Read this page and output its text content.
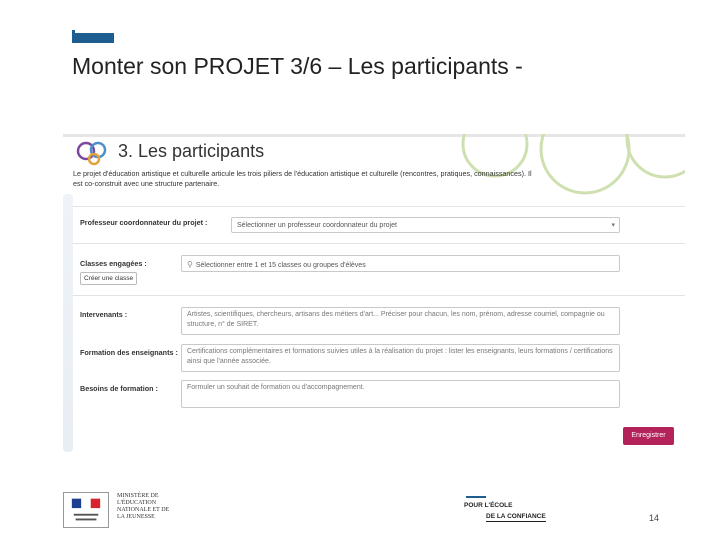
Monter son PROJET 3/6 – Les participants -
3. Les participants
Le projet d'éducation artistique et culturelle articule les trois piliers de l'éducation artistique et culturelle (rencontres, pratiques, connaissances). Il est co-construit avec une structure partenaire.
Professeur coordonnateur du projet :	Sélectionner un professeur coordonnateur du projet	▾
Classes engagées :	⚲ Sélectionner entre 1 et 15 classes ou groupes d'élèves
Créer une classe
Intervenants :	Artistes, scientifiques, chercheurs, artisans des métiers d'art... Préciser pour chacun, les nom, prénom, adresse courriel, compagnie ou structure, n° de SIRET.
Formation des enseignants :	Certifications complémentaires et formations suivies utiles à la réalisation du projet : lister les enseignants, leurs formations / certifications ainsi que l'année associée.
Besoins de formation :	Formuler un souhait de formation ou d'accompagnement.
Enregistrer
MINISTÈRE DE L'ÉDUCATION NATIONALE ET DE LA JEUNESSE
POUR L'ÉCOLE
DE LA CONFIANCE	14
